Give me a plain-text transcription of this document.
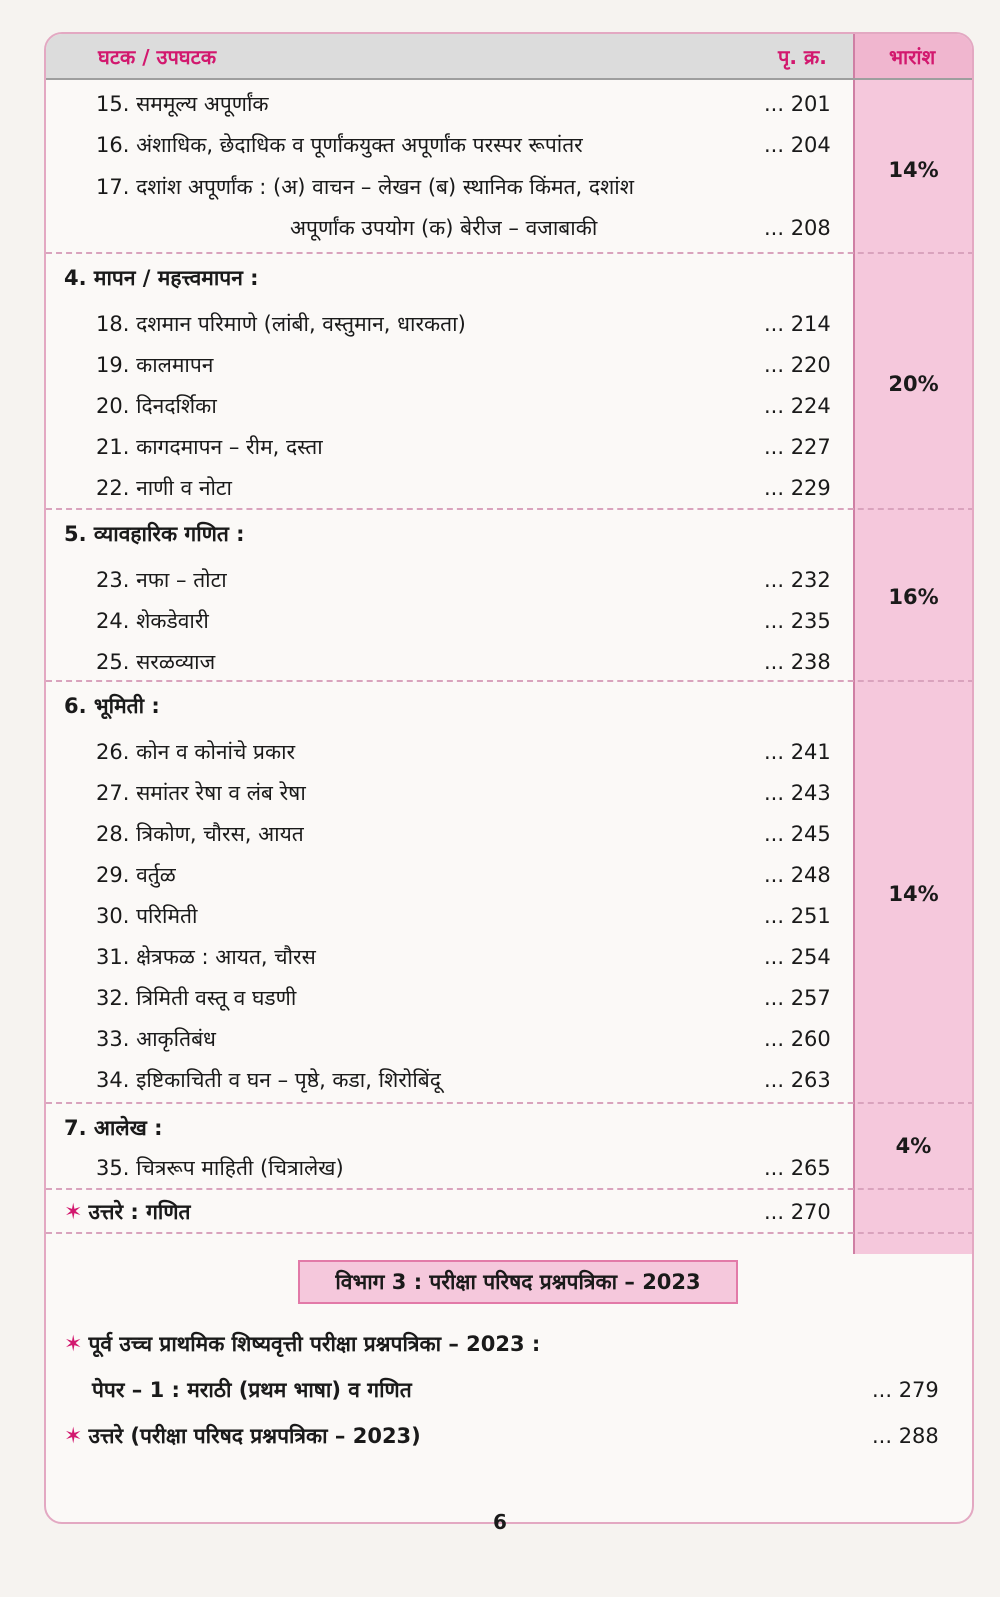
घटक / उपघटक	पृ. क्र.	भारांश
15. सममूल्य अपूर्णांक	... 201
16. अंशाधिक, छेदाधिक व पूर्णांकयुक्त अपूर्णांक परस्पर रूपांतर	... 204
17. दशांश अपूर्णांक : (अ) वाचन – लेखन (ब) स्थानिक किंमत, दशांश
अपूर्णांक उपयोग (क) बेरीज – वजाबाकी	... 208
14%
4. मापन / महत्त्वमापन :
18. दशमान परिमाणे (लांबी, वस्तुमान, धारकता)	... 214
19. कालमापन	... 220
20. दिनदर्शिका	... 224
21. कागदमापन – रीम, दस्ता	... 227
22. नाणी व नोटा	... 229
20%
5. व्यावहारिक गणित :
23. नफा – तोटा	... 232
24. शेकडेवारी	... 235
25. सरळव्याज	... 238
16%
6. भूमिती :
26. कोन व कोनांचे प्रकार	... 241
27. समांतर रेषा व लंब रेषा	... 243
28. त्रिकोण, चौरस, आयत	... 245
29. वर्तुळ	... 248
30. परिमिती	... 251
31. क्षेत्रफळ : आयत, चौरस	... 254
32. त्रिमिती वस्तू व घडणी	... 257
33. आकृतिबंध	... 260
34. इष्टिकाचिती व घन – पृष्ठे, कडा, शिरोबिंदू	... 263
14%
7. आलेख :
35. चित्ररूप माहिती (चित्रालेख)	... 265
4%
✶ उत्तरे : गणित	... 270
विभाग 3 : परीक्षा परिषद प्रश्नपत्रिका – 2023
✶ पूर्व उच्च प्राथमिक शिष्यवृत्ती परीक्षा प्रश्नपत्रिका – 2023 :
पेपर – 1 : मराठी (प्रथम भाषा) व गणित	... 279
✶ उत्तरे (परीक्षा परिषद प्रश्नपत्रिका – 2023)	... 288
6
